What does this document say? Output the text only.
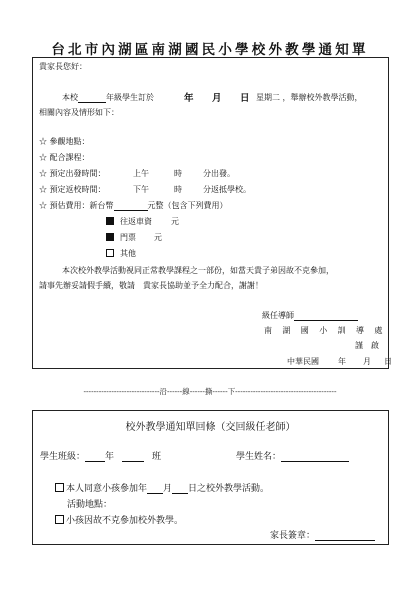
台北市內湖區南湖國民小學校外教學通知單
貴家長您好：
本校	年級學生訂於	年 月 日 星期二 ，舉辦校外教學活動，
相關內容及情形如下：
☆ 參觀地點：
☆ 配合課程：
☆ 預定出發時間：	上午	時	分出發。
☆ 預定返校時間：	下午	時	分返抵學校。
☆ 預估費用：新台幣	元整（包含下列費用）
往返車資 元
門票 元
其他
本次校外教學活動視同正常教學課程之一部份，如當天貴子弟因故不克參加，
請事先辦妥請假手續，敬請　貴家長協助並予全力配合，謝謝！
級任導師
南　湖　國　小　訓　導　處
謹　啟
中華民國 年 月 日
------------------------------沿------線------撕------下----------------------------------------
校外教學通知單回條（交回級任老師）
學生班級： 年	班	學生姓名：
本人同意小孩參加年 月 日之校外教學活動。
活動地點：
小孩因故不克參加校外教學。
家長簽章：
